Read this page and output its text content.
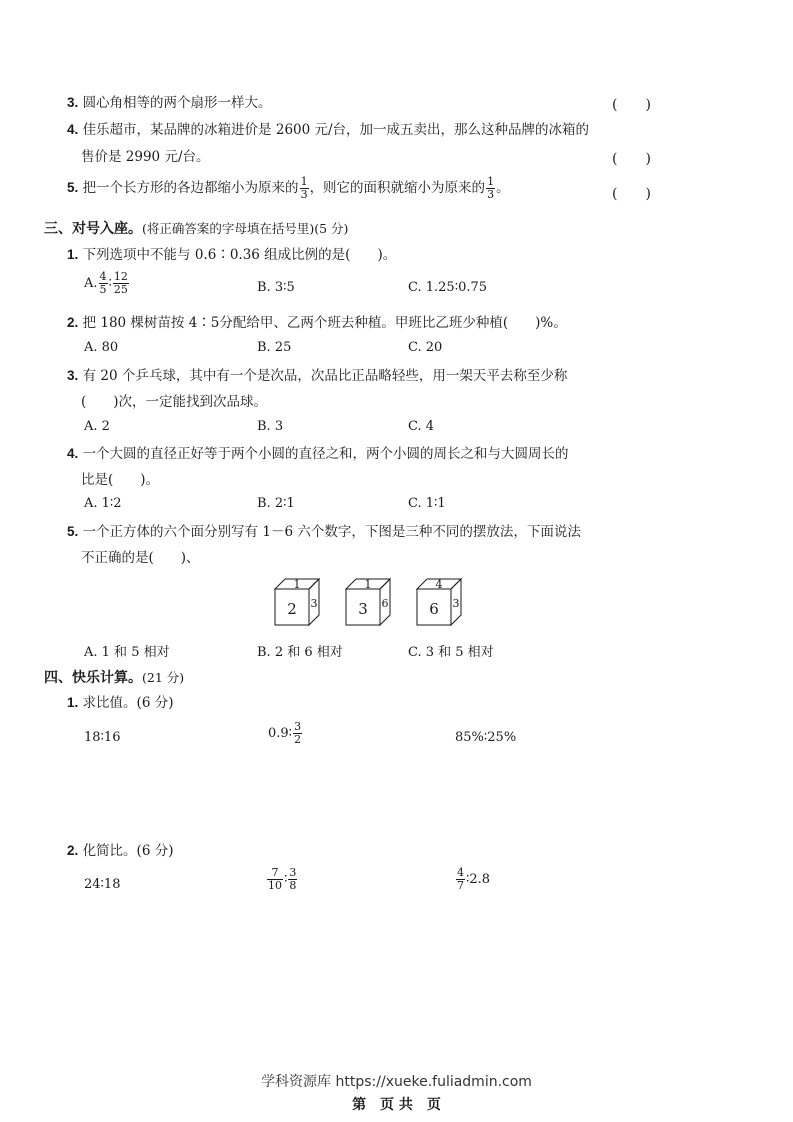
3. 圆心角相等的两个扇形一样大。	(　　)
4. 佳乐超市，某品牌的冰箱进价是 2600 元/台，加一成五卖出，那么这种品牌的冰箱的
售价是 2990 元/台。	(　　)
5. 把一个长方形的各边都缩小为原来的 $\frac{1}{3}$ ，则它的面积就缩小为原来的 $\frac{1}{3}$ 。	(　　)
三、对号入座。(将正确答案的字母填在括号里)(5 分)
1. 下列选项中不能与 0.6∶0.36 组成比例的是(　　)。
A. $\frac{4}{5}$ ∶ $\frac{12}{25}$	B. 3∶5	C. 1.25∶0.75
2. 把 180 棵树苗按 4∶5分配给甲、乙两个班去种植。甲班比乙班少种植(　　)%。
A. 80	B. 25	C. 20
3. 有 20 个乒乓球，其中有一个是次品，次品比正品略轻些，用一架天平去称至少称
(　　)次，一定能找到次品球。
A. 2	B. 3	C. 4
4. 一个大圆的直径正好等于两个小圆的直径之和，两个小圆的周长之和与大圆周长的
比是(　　)。
A. 1∶2	B. 2∶1	C. 1∶1
5. 一个正方体的六个面分别写有 1－6 六个数字，下图是三种不同的摆放法，下面说法
不正确的是(　　)、
1
2 3
1
3 6
4
6 3
A. 1 和 5 相对	B. 2 和 6 相对	C. 3 和 5 相对
四、快乐计算。(21 分)
1. 求比值。(6 分)
18∶16	0.9∶ $\frac{3}{2}$	85%∶25%
2. 化简比。(6 分)
24∶18	$\frac{7}{10}$ ∶ $\frac{3}{8}$	$\frac{4}{7}$ ∶2.8
学科资源库 https://xueke.fuliadmin.com
第　页 共　页
